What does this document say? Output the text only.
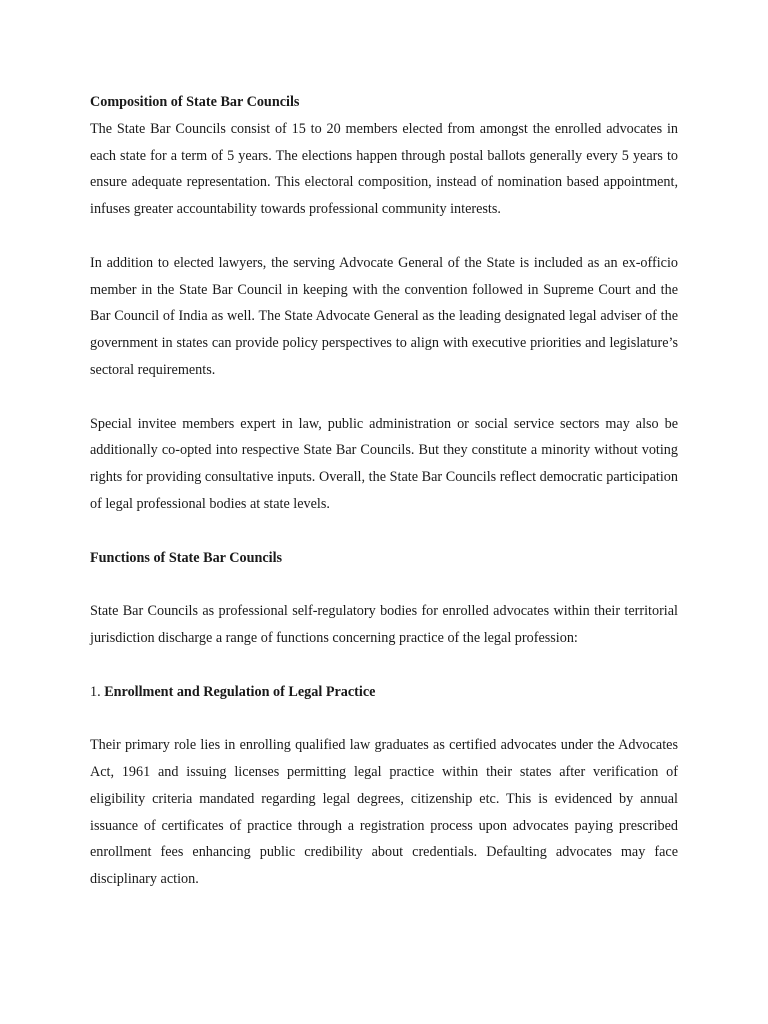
Composition of State Bar Councils

The State Bar Councils consist of 15 to 20 members elected from amongst the enrolled advocates in each state for a term of 5 years. The elections happen through postal ballots generally every 5 years to ensure adequate representation. This electoral composition, instead of nomination based appointment, infuses greater accountability towards professional community interests.

In addition to elected lawyers, the serving Advocate General of the State is included as an ex-officio member in the State Bar Council in keeping with the convention followed in Supreme Court and the Bar Council of India as well. The State Advocate General as the leading designated legal adviser of the government in states can provide policy perspectives to align with executive priorities and legislature’s sectoral requirements.

Special invitee members expert in law, public administration or social service sectors may also be additionally co-opted into respective State Bar Councils. But they constitute a minority without voting rights for providing consultative inputs. Overall, the State Bar Councils reflect democratic participation of legal professional bodies at state levels.

Functions of State Bar Councils

State Bar Councils as professional self-regulatory bodies for enrolled advocates within their territorial jurisdiction discharge a range of functions concerning practice of the legal profession:

1. Enrollment and Regulation of Legal Practice

Their primary role lies in enrolling qualified law graduates as certified advocates under the Advocates Act, 1961 and issuing licenses permitting legal practice within their states after verification of eligibility criteria mandated regarding legal degrees, citizenship etc. This is evidenced by annual issuance of certificates of practice through a registration process upon advocates paying prescribed enrollment fees enhancing public credibility about credentials. Defaulting advocates may face disciplinary action.
